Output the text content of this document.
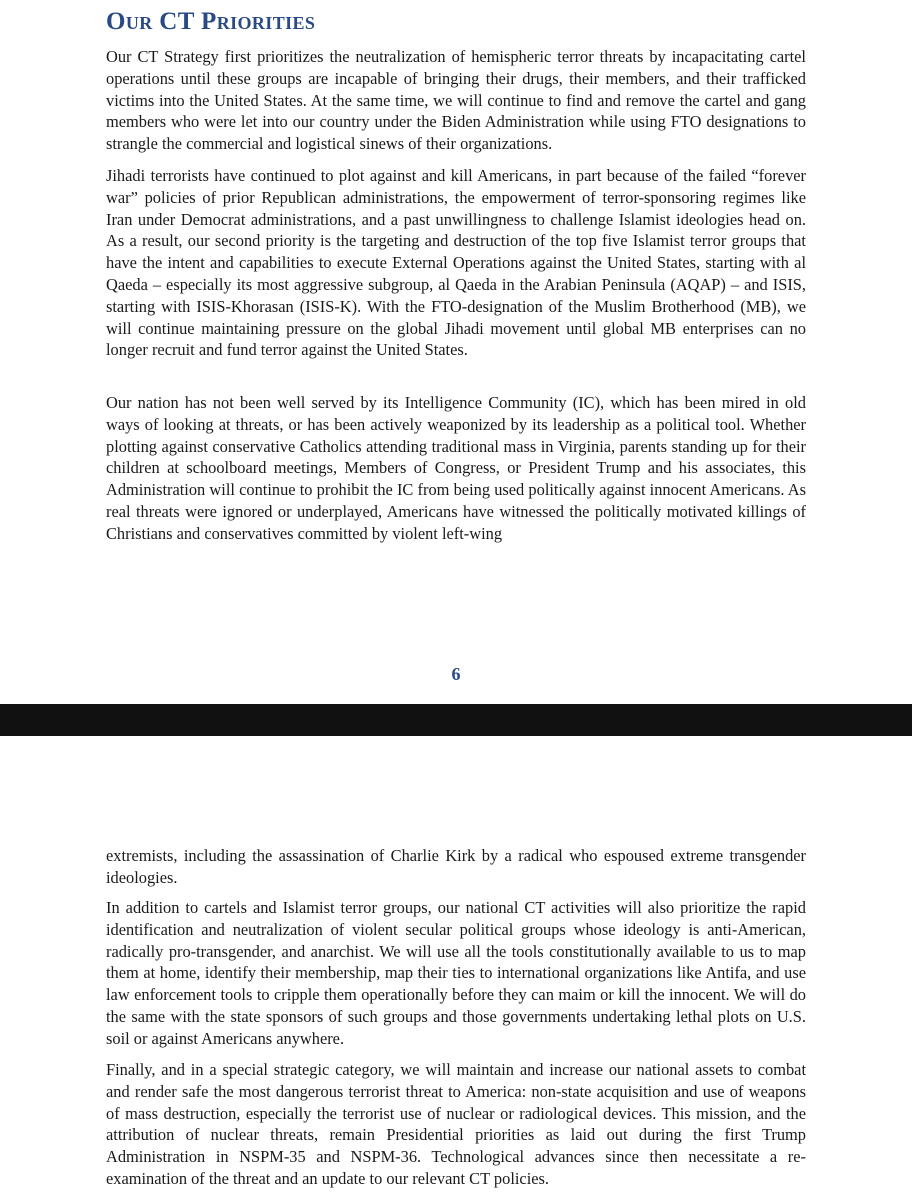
Our CT Priorities

Our CT Strategy first prioritizes the neutralization of hemispheric terror threats by incapacitating cartel operations until these groups are incapable of bringing their drugs, their members, and their trafficked victims into the United States. At the same time, we will continue to find and remove the cartel and gang members who were let into our country under the Biden Administration while using FTO designations to strangle the commercial and logistical sinews of their organizations.

Jihadi terrorists have continued to plot against and kill Americans, in part because of the failed “forever war” policies of prior Republican administrations, the empowerment of terror-sponsoring regimes like Iran under Democrat administrations, and a past unwillingness to challenge Islamist ideologies head on. As a result, our second priority is the targeting and destruction of the top five Islamist terror groups that have the intent and capabilities to execute External Operations against the United States, starting with al Qaeda – especially its most aggressive subgroup, al Qaeda in the Arabian Peninsula (AQAP) – and ISIS, starting with ISIS-Khorasan (ISIS-K). With the FTO-designation of the Muslim Brotherhood (MB), we will continue maintaining pressure on the global Jihadi movement until global MB enterprises can no longer recruit and fund terror against the United States.

Our nation has not been well served by its Intelligence Community (IC), which has been mired in old ways of looking at threats, or has been actively weaponized by its leadership as a political tool. Whether plotting against conservative Catholics attending traditional mass in Virginia, parents standing up for their children at schoolboard meetings, Members of Congress, or President Trump and his associates, this Administration will continue to prohibit the IC from being used politically against innocent Americans. As real threats were ignored or underplayed, Americans have witnessed the politically motivated killings of Christians and conservatives committed by violent left-wing

6

extremists, including the assassination of Charlie Kirk by a radical who espoused extreme transgender ideologies.

In addition to cartels and Islamist terror groups, our national CT activities will also prioritize the rapid identification and neutralization of violent secular political groups whose ideology is anti-American, radically pro-transgender, and anarchist. We will use all the tools constitutionally available to us to map them at home, identify their membership, map their ties to international organizations like Antifa, and use law enforcement tools to cripple them operationally before they can maim or kill the innocent. We will do the same with the state sponsors of such groups and those governments undertaking lethal plots on U.S. soil or against Americans anywhere.

Finally, and in a special strategic category, we will maintain and increase our national assets to combat and render safe the most dangerous terrorist threat to America: non-state acquisition and use of weapons of mass destruction, especially the terrorist use of nuclear or radiological devices. This mission, and the attribution of nuclear threats, remain Presidential priorities as laid out during the first Trump Administration in NSPM-35 and NSPM-36. Technological advances since then necessitate a re-examination of the threat and an update to our relevant CT policies.
